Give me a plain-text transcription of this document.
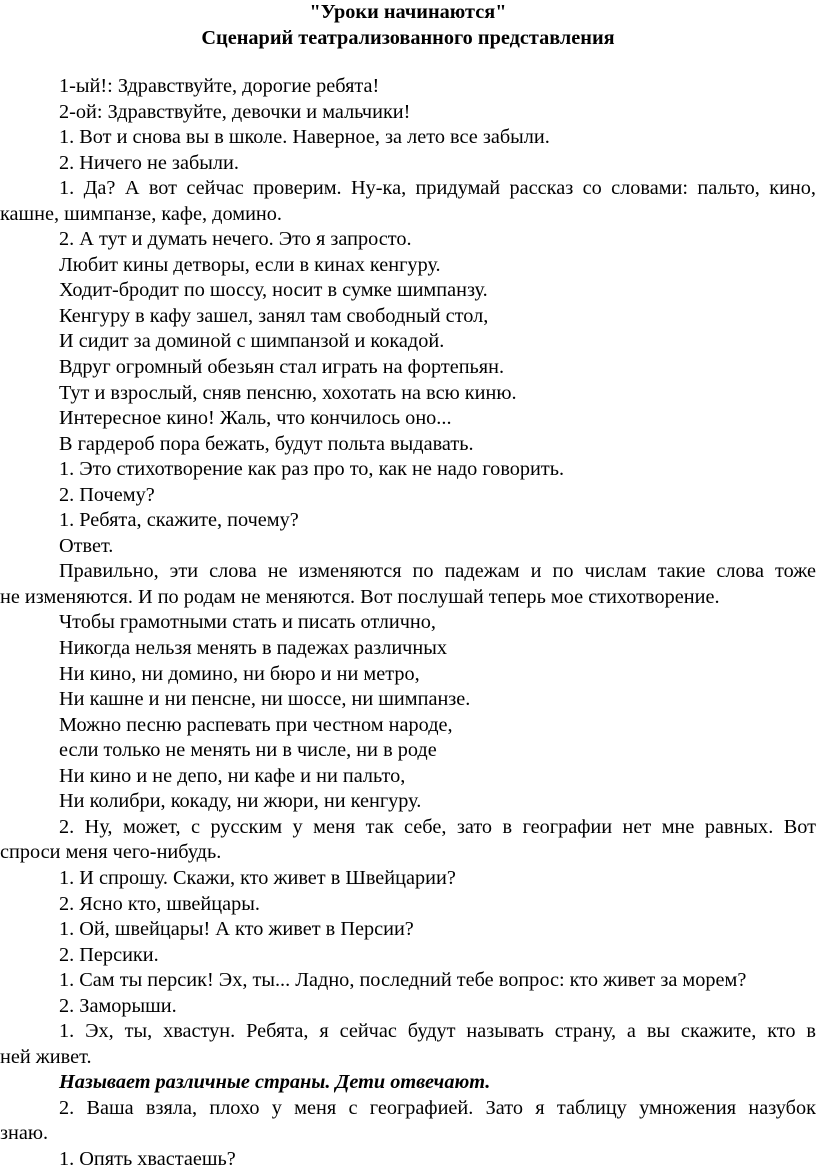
"Уроки начинаются"
Сценарий театрализованного представления
1-ый!: Здравствуйте, дорогие ребята!
2-ой: Здравствуйте, девочки и мальчики!
1. Вот и снова вы в школе. Наверное, за лето все забыли.
2. Ничего не забыли.
1. Да? А вот сейчас проверим. Ну-ка, придумай рассказ со словами: пальто, кино,
кашне, шимпанзе, кафе, домино.
2. А тут и думать нечего. Это я запросто.
Любит кины детворы, если в кинах кенгуру.
Ходит-бродит по шоссу, носит в сумке шимпанзу.
Кенгуру в кафу зашел, занял там свободный стол,
И сидит за доминой с шимпанзой и кокадой.
Вдруг огромный обезьян стал играть на фортепьян.
Тут и взрослый, сняв пенсню, хохотать на всю киню.
Интересное кино! Жаль, что кончилось оно...
В гардероб пора бежать, будут польта выдавать.
1. Это стихотворение как раз про то, как не надо говорить.
2. Почему?
1. Ребята, скажите, почему?
Ответ.
Правильно, эти слова не изменяются по падежам и по числам такие слова тоже
не изменяются. И по родам не меняются. Вот послушай теперь мое стихотворение.
Чтобы грамотными стать и писать отлично,
Никогда нельзя менять в падежах различных
Ни кино, ни домино, ни бюро и ни метро,
Ни кашне и ни пенсне, ни шоссе, ни шимпанзе.
Можно песню распевать при честном народе,
если только не менять ни в числе, ни в роде
Ни кино и не депо, ни кафе и ни пальто,
Ни колибри, кокаду, ни жюри, ни кенгуру.
2. Ну, может, с русским у меня так себе, зато в географии нет мне равных. Вот
спроси меня чего-нибудь.
1. И спрошу. Скажи, кто живет в Швейцарии?
2. Ясно кто, швейцары.
1. Ой, швейцары! А кто живет в Персии?
2. Персики.
1. Сам ты персик! Эх, ты... Ладно, последний тебе вопрос: кто живет за морем?
2. Заморыши.
1. Эх, ты, хвастун. Ребята, я сейчас будут называть страну, а вы скажите, кто в
ней живет.
Называет различные страны. Дети отвечают.
2. Ваша взяла, плохо у меня с географией. Зато я таблицу умножения назубок
знаю.
1. Опять хвастаешь?
